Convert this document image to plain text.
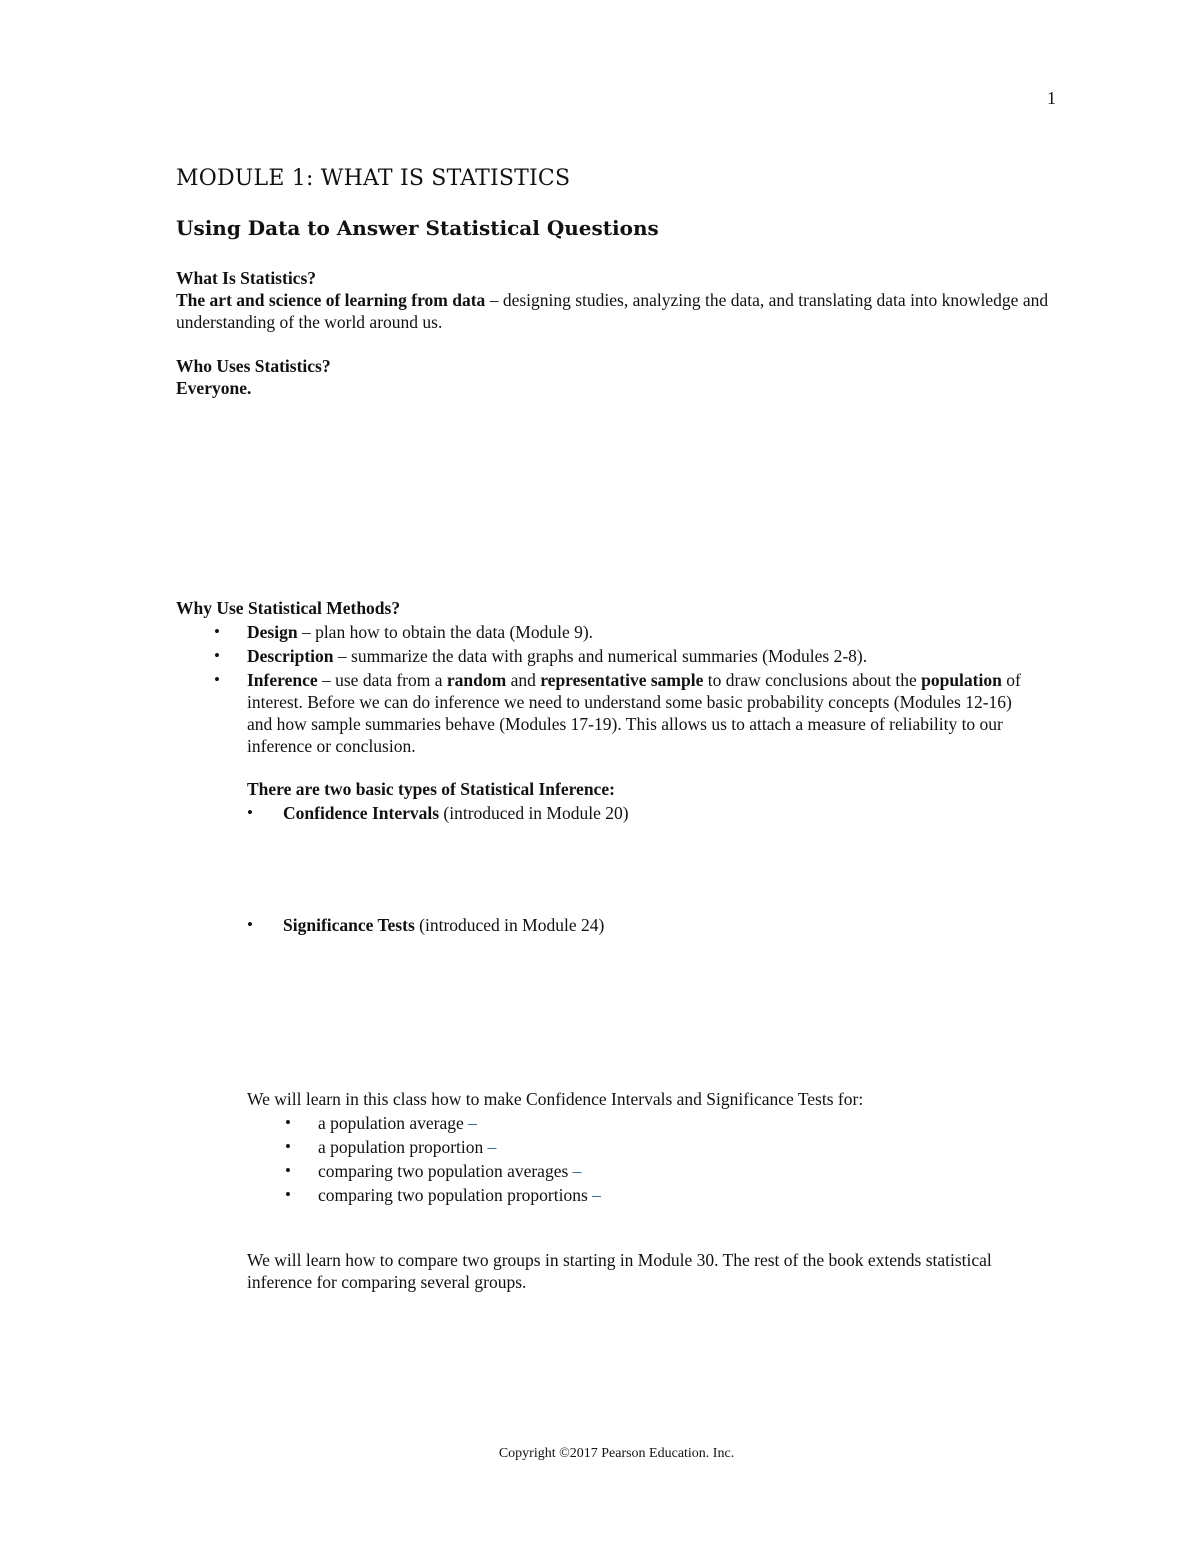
1
MODULE 1: WHAT IS STATISTICS
Using Data to Answer Statistical Questions
What Is Statistics?

The art and science of learning from data – designing studies, analyzing the data, and translating data into knowledge and understanding of the world around us.

Who Uses Statistics?
Everyone.
Why Use Statistical Methods?
• Design – plan how to obtain the data (Module 9).
• Description – summarize the data with graphs and numerical summaries (Modules 2-8).
• Inference – use data from a random and representative sample to draw conclusions about the population of interest. Before we can do inference we need to understand some basic probability concepts (Modules 12-16) and how sample summaries behave (Modules 17-19). This allows us to attach a measure of reliability to our inference or conclusion.
There are two basic types of Statistical Inference:
• Confidence Intervals (introduced in Module 20)
• Significance Tests (introduced in Module 24)
We will learn in this class how to make Confidence Intervals and Significance Tests for:
• a population average –
• a population proportion –
• comparing two population averages –
• comparing two population proportions –

We will learn how to compare two groups in starting in Module 30. The rest of the book extends statistical inference for comparing several groups.

Copyright ©2017 Pearson Education. Inc.
